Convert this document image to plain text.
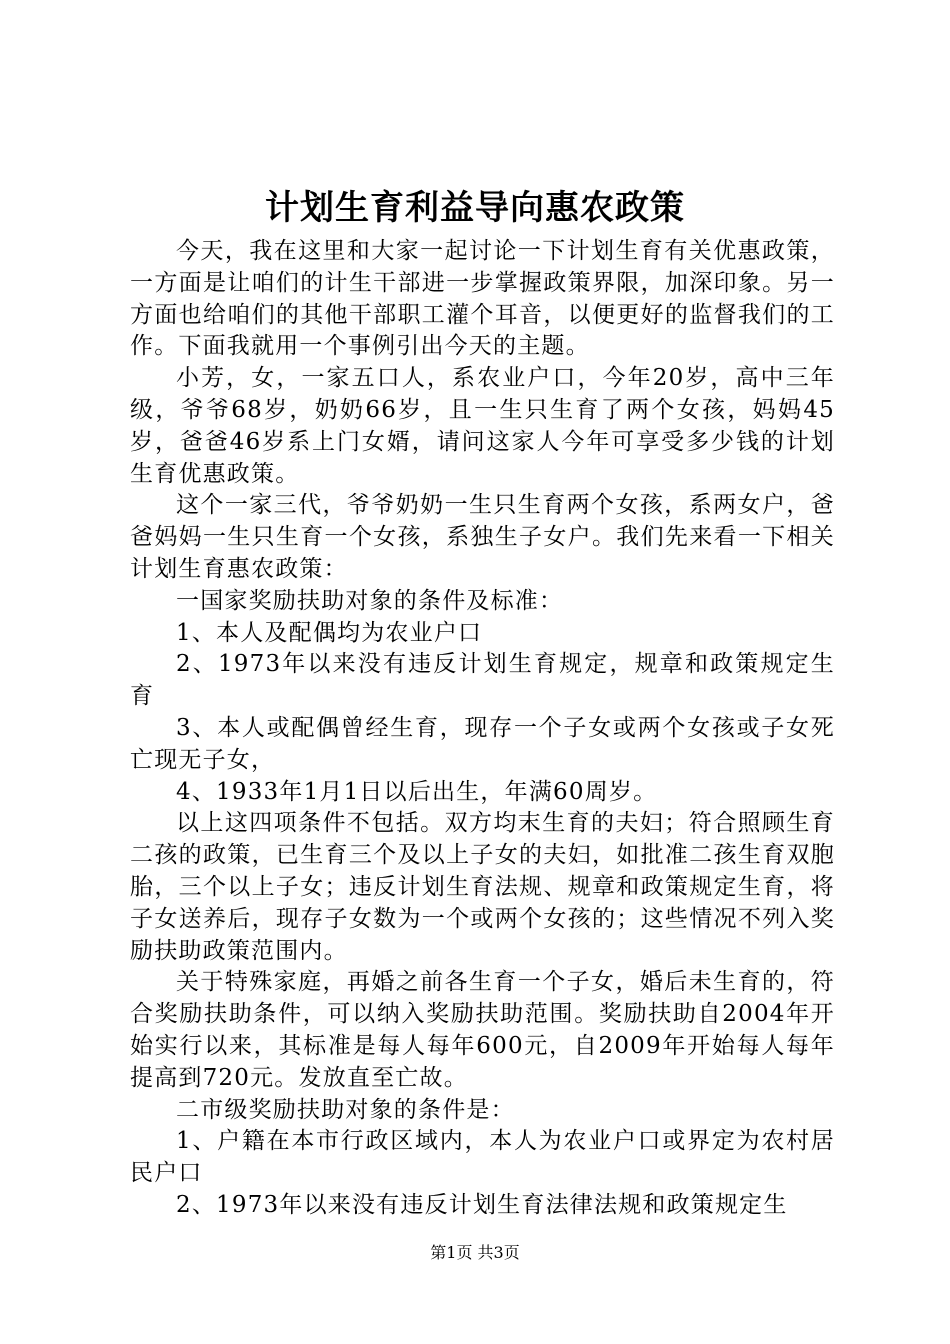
计划生育利益导向惠农政策

今天，我在这里和大家一起讨论一下计划生育有关优惠政策，一方面是让咱们的计生干部进一步掌握政策界限，加深印象。另一方面也给咱们的其他干部职工灌个耳音，以便更好的监督我们的工作。下面我就用一个事例引出今天的主题。

小芳，女，一家五口人，系农业户口，今年20岁，高中三年级，爷爷68岁，奶奶66岁，且一生只生育了两个女孩，妈妈45岁，爸爸46岁系上门女婿，请问这家人今年可享受多少钱的计划生育优惠政策。

这个一家三代，爷爷奶奶一生只生育两个女孩，系两女户，爸爸妈妈一生只生育一个女孩，系独生子女户。我们先来看一下相关计划生育惠农政策：

一国家奖励扶助对象的条件及标准：

1、本人及配偶均为农业户口

2、1973年以来没有违反计划生育规定，规章和政策规定生育

3、本人或配偶曾经生育，现存一个子女或两个女孩或子女死亡现无子女，

4、1933年1月1日以后出生，年满60周岁。

以上这四项条件不包括。双方均末生育的夫妇；符合照顾生育二孩的政策，已生育三个及以上子女的夫妇，如批准二孩生育双胞胎，三个以上子女；违反计划生育法规、规章和政策规定生育，将子女送养后，现存子女数为一个或两个女孩的；这些情况不列入奖励扶助政策范围内。

关于特殊家庭，再婚之前各生育一个子女，婚后未生育的，符合奖励扶助条件，可以纳入奖励扶助范围。奖励扶助自2004年开始实行以来，其标准是每人每年600元，自2009年开始每人每年提高到720元。发放直至亡故。

二市级奖励扶助对象的条件是：

1、户籍在本市行政区域内，本人为农业户口或界定为农村居民户口

2、1973年以来没有违反计划生育法律法规和政策规定生

第1页 共3页
